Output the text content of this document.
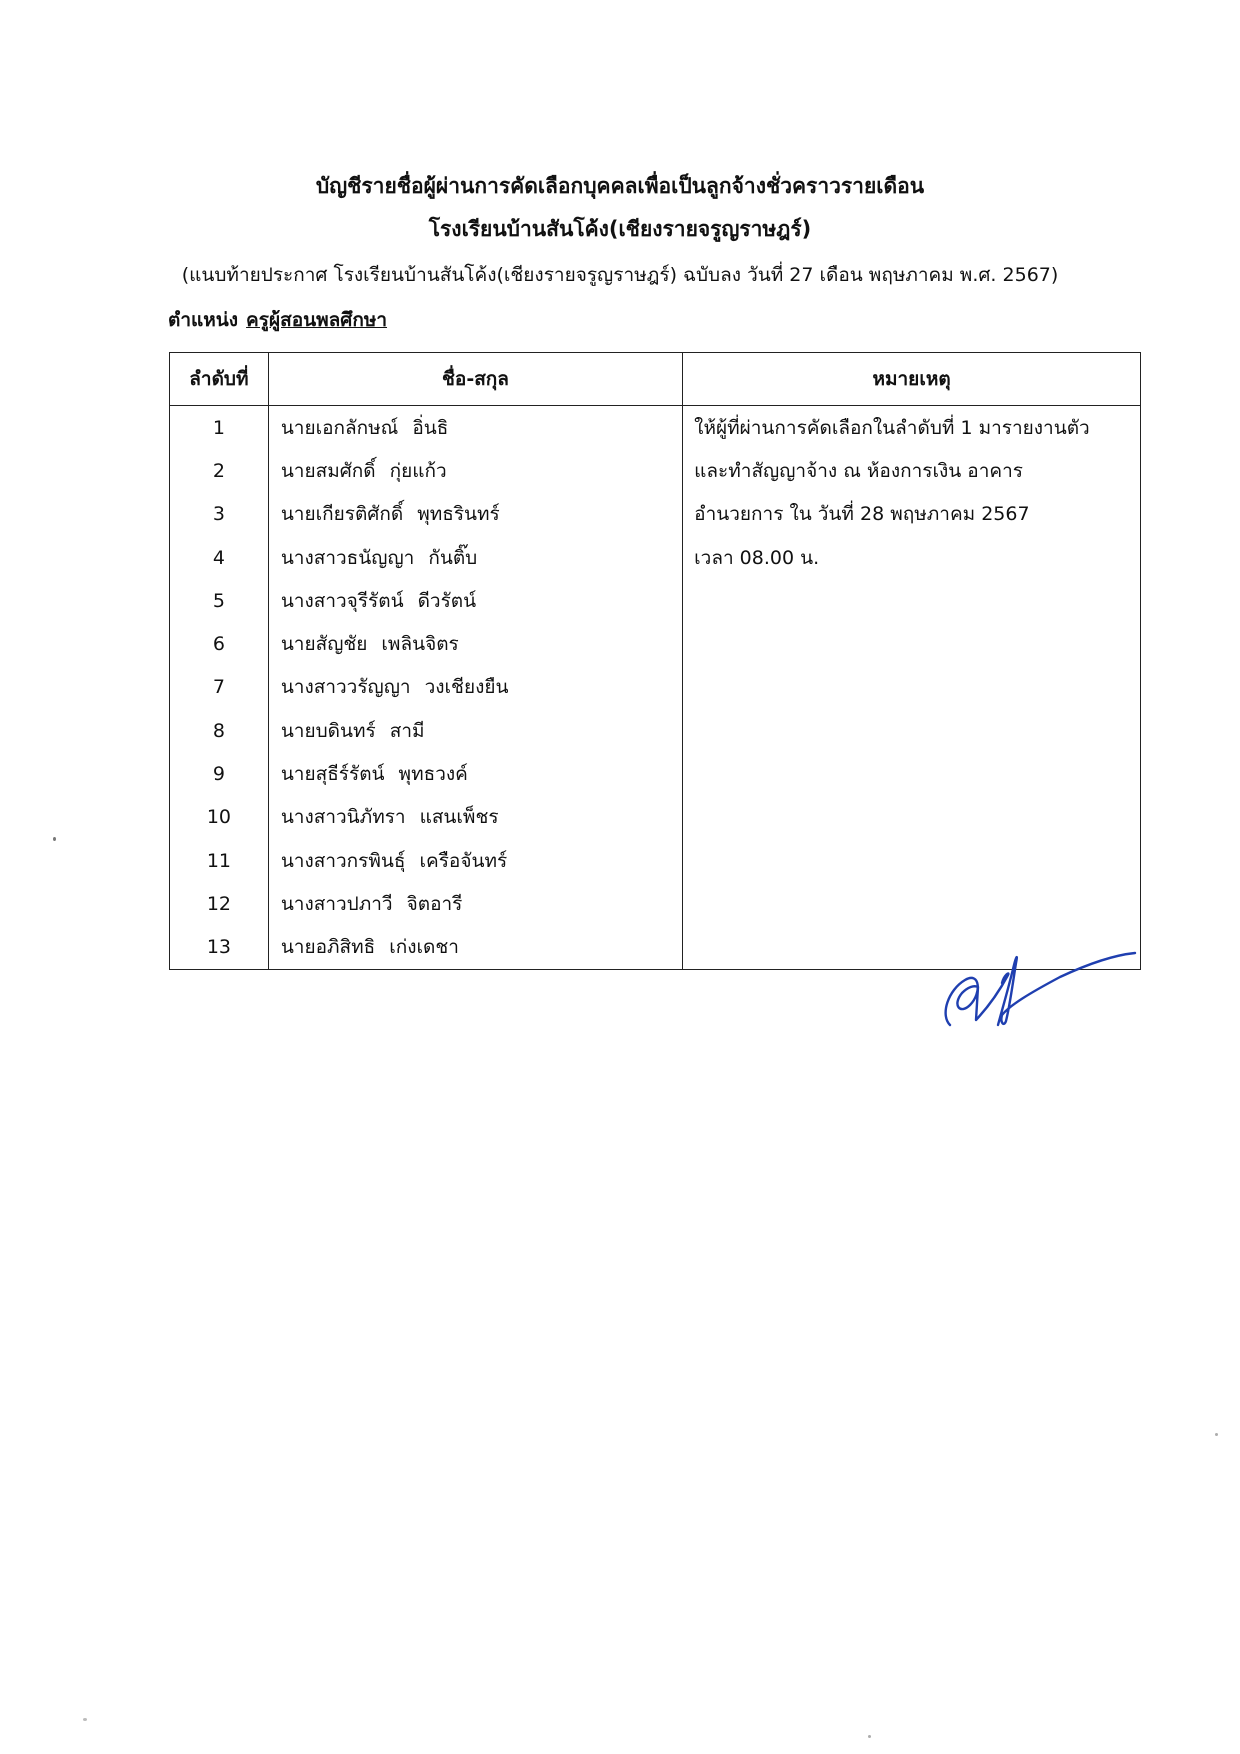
บัญชีรายชื่อผู้ผ่านการคัดเลือกบุคคลเพื่อเป็นลูกจ้างชั่วคราวรายเดือน
โรงเรียนบ้านสันโค้ง(เชียงรายจรูญราษฎร์)
(แนบท้ายประกาศ โรงเรียนบ้านสันโค้ง(เชียงรายจรูญราษฎร์) ฉบับลง วันที่ 27 เดือน พฤษภาคม พ.ศ. 2567)
ตำแหน่ง ครูผู้สอนพลศึกษา
ลำดับที่	ชื่อ-สกุล	หมายเหตุ
1	นายเอกลักษณ์ อิ่นธิ	ให้ผู้ที่ผ่านการคัดเลือกในลำดับที่ 1 มารายงานตัว
2	นายสมศักดิ์ กุ่ยแก้ว	และทำสัญญาจ้าง ณ ห้องการเงิน อาคาร
3	นายเกียรติศักดิ์ พุทธรินทร์	อำนวยการ ใน วันที่ 28 พฤษภาคม 2567
4	นางสาวธนัญญา กันติ๊บ	เวลา 08.00 น.
5	นางสาวจุรีรัตน์ ดีวรัตน์	
6	นายสัญชัย เพลินจิตร	
7	นางสาววรัญญา วงเชียงยืน	
8	นายบดินทร์ สามี	
9	นายสุธีร์รัตน์ พุทธวงค์	
10	นางสาวนิภัทรา แสนเพ็ชร	
11	นางสาวกรพินธุ์ เครือจันทร์	
12	นางสาวปภาวี จิตอารี	
13	นายอภิสิทธิ เก่งเดชา	
